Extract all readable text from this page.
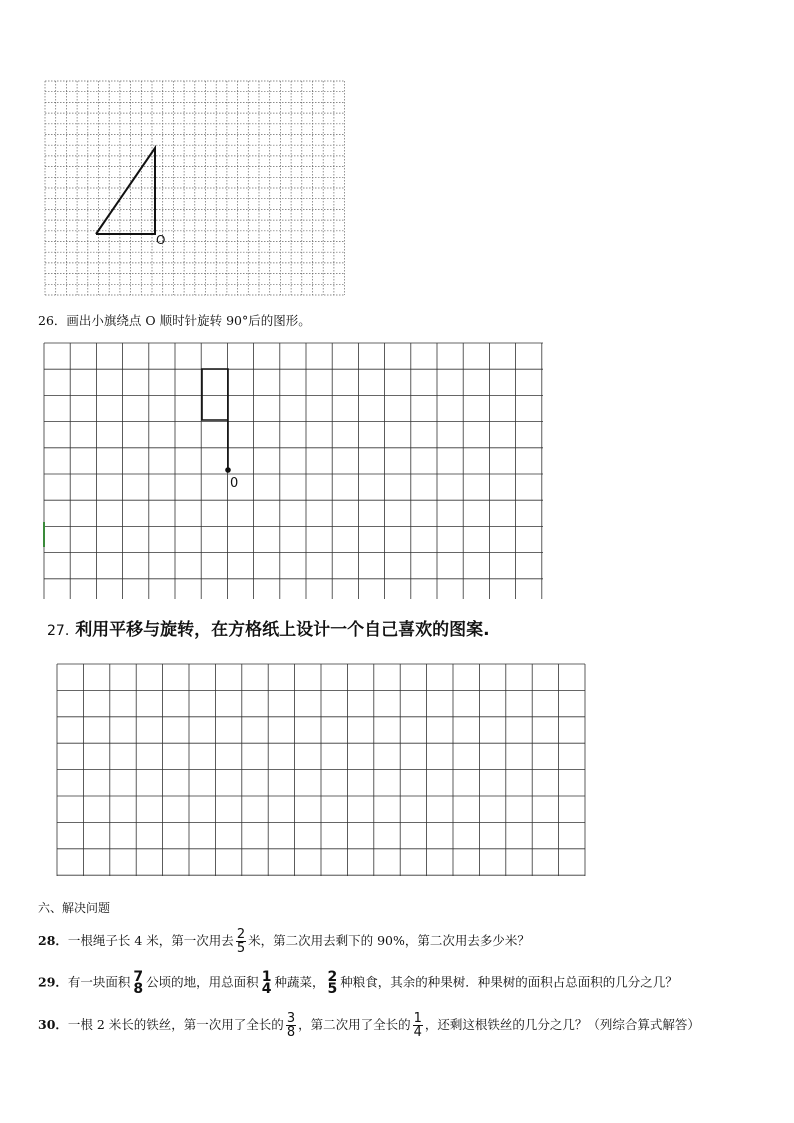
O
26．画出小旗绕点 O 顺时针旋转 90°后的图形。
0
27. 利用平移与旋转，在方格纸上设计一个自己喜欢的图案.
六、解决问题
28．一根绳子长 4 米，第一次用去 $\frac{2}{5}$ 米，第二次用去剩下的 90%，第二次用去多少米？
29．有一块面积 7
8 公顷的地，用总面积 1
4 种蔬菜， 2
5 种粮食，其余的种果树．种果树的面积占总面积的几分之几？
30．一根 2 米长的铁丝，第一次用了全长的 $\frac{3}{8}$ ，第二次用了全长的 $\frac{1}{4}$ ，还剩这根铁丝的几分之几？（列综合算式解答）
